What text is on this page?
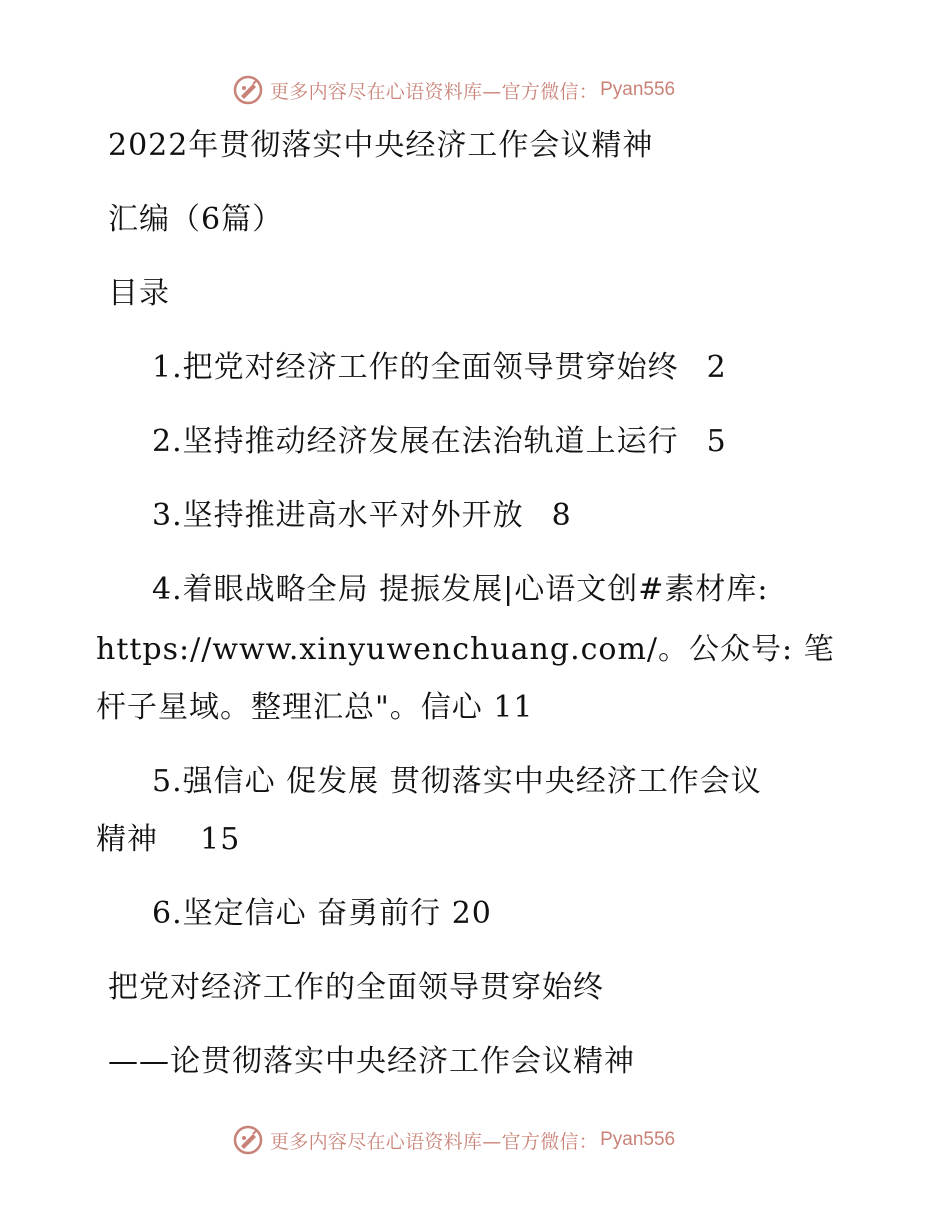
更多内容尽在心语资料库—官方微信： Pyan556
2022年贯彻落实中央经济工作会议精神
汇编（6篇）
目录
1.把党对经济工作的全面领导贯穿始终 2
2.坚持推动经济发展在法治轨道上运行 5
3.坚持推进高水平对外开放 8
4.着眼战略全局 提振发展|心语文创#素材库:
https://www.xinyuwenchuang.com/。公众号: 笔
杆子星域。整理汇总"。信心 11
5.强信心 促发展 贯彻落实中央经济工作会议
精神    15
6.坚定信心 奋勇前行 20
把党对经济工作的全面领导贯穿始终
——论贯彻落实中央经济工作会议精神
更多内容尽在心语资料库—官方微信： Pyan556
